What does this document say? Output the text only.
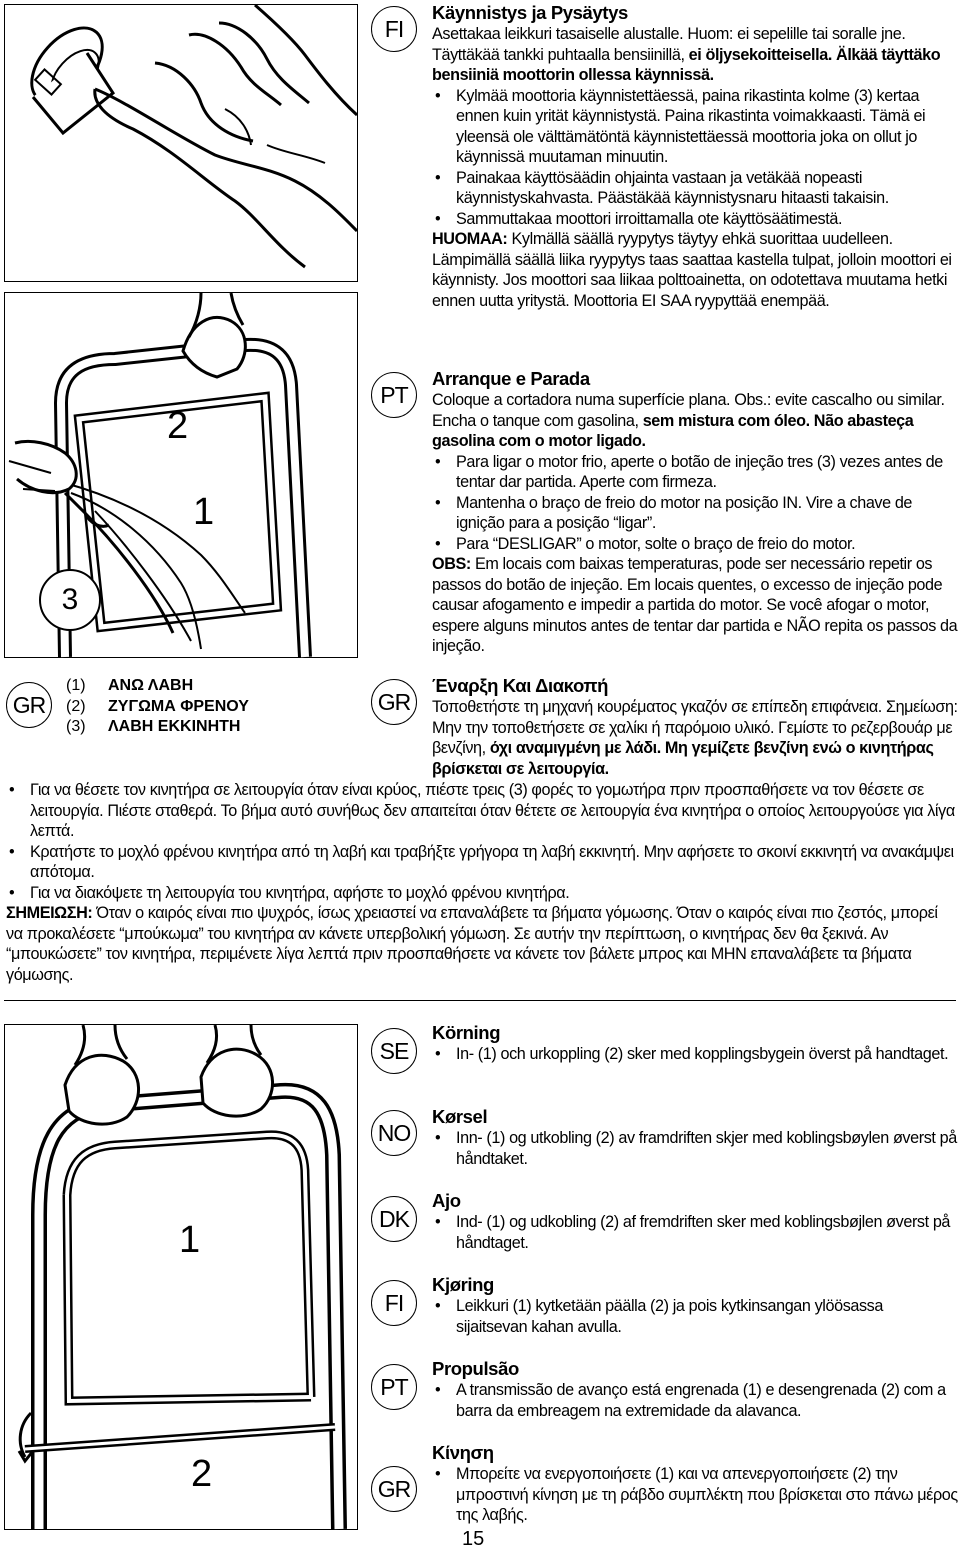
2
1
3
FI

Käynnistys ja Pysäytys

Asettakaa leikkuri tasaiselle alustalle. Huom: ei sepelille tai soralle jne. Täyttäkää tankki puhtaalla bensiinillä, ei öljysekoitteisella. Älkää täyttäko bensiiniä moottorin ollessa käynnissä.

• Kylmää moottoria käynnistettäessä, paina rikastinta kolme (3) kertaa ennen kuin yrität käynnistystä. Paina rikastinta voimakkaasti. Tämä ei yleensä ole välttämätöntä käynnistettäessä moottoria joka on ollut jo käynnissä muutaman minuutin.

• Painakaa käyttösäädin ohjainta vastaan ja vetäkää nopeasti käynnistyskahvasta. Päästäkää käynnistysnaru hitaasti takaisin.

• Sammuttakaa moottori irroittamalla ote käyttösäätimestä.

HUOMAA: Kylmällä säällä ryypytys täytyy ehkä suorittaa uudelleen. Lämpimällä säällä liika ryypytys taas saattaa kastella tulpat, jolloin moottori ei käynnisty. Jos moottori saa liikaa polttoainetta, on odotettava muutama hetki ennen uutta yritystä. Moottoria EI SAA ryypyttää enempää.

PT

Arranque e Parada

Coloque a cortadora numa superfície plana. Obs.: evite cascalho ou similar. Encha o tanque com gasolina, sem mistura com óleo. Não abasteça gasolina com o motor ligado.

• Para ligar o motor frio, aperte o botão de injeção tres (3) vezes antes de tentar dar partida. Aperte com firmeza.

• Mantenha o braço de freio do motor na posição IN. Vire a chave de ignição para a posição “ligar”.

• Para “DESLIGAR” o motor, solte o braço de freio do motor.

OBS: Em locais com baixas temperaturas, pode ser necessário repetir os passos do botão de injeção. Em locais quentes, o excesso de injeção pode causar afogamento e impedir a partida do motor. Se você afogar o motor, espere alguns minutos antes de tentar dar partida e NÃO repita os passos da injeção.

GR
(1) ΑΝΩ ΛΑΒΗ
(2) ΖΥΓΩΜΑ ΦΡΕΝΟΥ
(3) ΛΑΒΗ ΕΚΚΙΝΗΤΗ
GR

Έναρξη Και Διακοπή

Τοποθετήστε τη μηχανή κουρέματος γκαζόν σε επίπεδη επιφάνεια. Σημείωση: Μην την τοποθετήσετε σε χαλίκι ή παρόμοιο υλικό. Γεμίστε το ρεζερβουάρ με βενζίνη, όχι αναμιγμένη με λάδι. Μη γεμίζετε βενζίνη ενώ ο κινητήρας βρίσκεται σε λειτουργία.

• Για να θέσετε τον κινητήρα σε λειτουργία όταν είναι κρύος, πιέστε τρεις (3) φορές το γομωτήρα πριν προσπαθήσετε να τον θέσετε σε λειτουργία. Πιέστε σταθερά. Το βήμα αυτό συνήθως δεν απαιτείται όταν θέτετε σε λειτουργία ένα κινητήρα ο οποίος λειτουργούσε για λίγα λεπτά.

• Κρατήστε το μοχλό φρένου κινητήρα από τη λαβή και τραβήξτε γρήγορα τη λαβή εκκινητή. Μην αφήσετε το σκοινί εκκινητή να ανακάμψει απότομα.

• Για να διακόψετε τη λειτουργία του κινητήρα, αφήστε το μοχλό φρένου κινητήρα.

ΣΗΜΕΙΩΣΗ: Όταν ο καιρός είναι πιο ψυχρός, ίσως χρειαστεί να επαναλάβετε τα βήματα γόμωσης. Όταν ο καιρός είναι πιο ζεστός, μπορεί να προκαλέσετε “μπούκωμα” του κινητήρα αν κάνετε υπερβολική γόμωση. Σε αυτήν την περίπτωση, ο κινητήρας δεν θα ξεκινά. Αν “μπουκώσετε” τον κινητήρα, περιμένετε λίγα λεπτά πριν προσπαθήσετε να κάνετε τον βάλετε μπρος και ΜΗΝ επαναλάβετε τα βήματα γόμωσης.

1
2
SE

Körning

• In- (1) och urkoppling (2) sker med kopplingsbygein överst på handtaget.

NO

Kørsel

• Inn- (1) og utkobling (2) av framdriften skjer med koblingsbøylen øverst på håndtaket.

DK

Ajo

• Ind- (1) og udkobling (2) af fremdriften sker med koblingsbøjlen øverst på håndtaget.

FI

Kjøring

• Leikkuri (1) kytketään päälla (2) ja pois kytkinsangan ylöösassa sijaitsevan kahan avulla.

PT

Propulsão

• A transmissão de avanço está engrenada (1) e desengrenada (2) com a barra da embreagem na extremidade da alavanca.

GR

Κίνηση

• Μπορείτε να ενεργοποιήσετε (1) και να απενεργοποιήσετε (2) την μπροστινή κίνηση με τη ράβδο συμπλέκτη που βρίσκεται στο πάνω μέρος της λαβής.

15
